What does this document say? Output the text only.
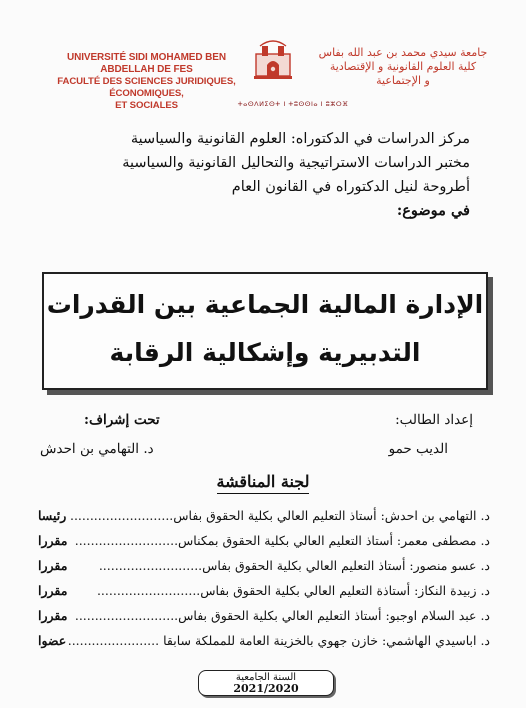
UNIVERSITÉ SIDI MOHAMED BEN ABDELLAH DE FES
FACULTÉ DES SCIENCES JURIDIQUES, ÉCONOMIQUES,
ET SOCIALES
جامعة سيدي محمد بن عبد الله بفاس
كلية العلوم القانونية و الإقتصادية
و الإجتماعية
ⵜⴰⵙⴷⵍⵉⵙⵜ ⵏ ⵜⵓⵙⵙⵏⴰ ⵏ ⵓⵣⵔⴼ
مركز الدراسات في الدكتوراه: العلوم القانونية والسياسية
مختبر الدراسات الاستراتيجية والتحاليل القانونية والسياسية
أطروحة لنيل الدكتوراه في القانون العام
في موضوع:
الإدارة المالية الجماعية بين القدرات
التدبيرية وإشكالية الرقابة
إعداد الطالب:
الديب حمو
تحت إشراف:
د. التهامي بن احدش
لجنة المناقشة
د. التهامي بن احدش: أستاذ التعليم العالي بكلية الحقوق بفاس..........................
رئيسا
د. مصطفى معمر: أستاذ التعليم العالي بكلية الحقوق بمكناس..........................
مقررا
د. عسو منصور: أستاذ التعليم العالي بكلية الحقوق بفاس..........................
مقررا
د. زبيدة النكاز: أستاذة التعليم العالي بكلية الحقوق بفاس..........................
مقررا
د. عبد السلام اوجبو: أستاذ التعليم العالي بكلية الحقوق بفاس..........................
مقررا
د. اباسيدي الهاشمي: خازن جهوي بالخزينة العامة للمملكة سابقا .......................
عضوا
السنة الجامعية
2021/2020
